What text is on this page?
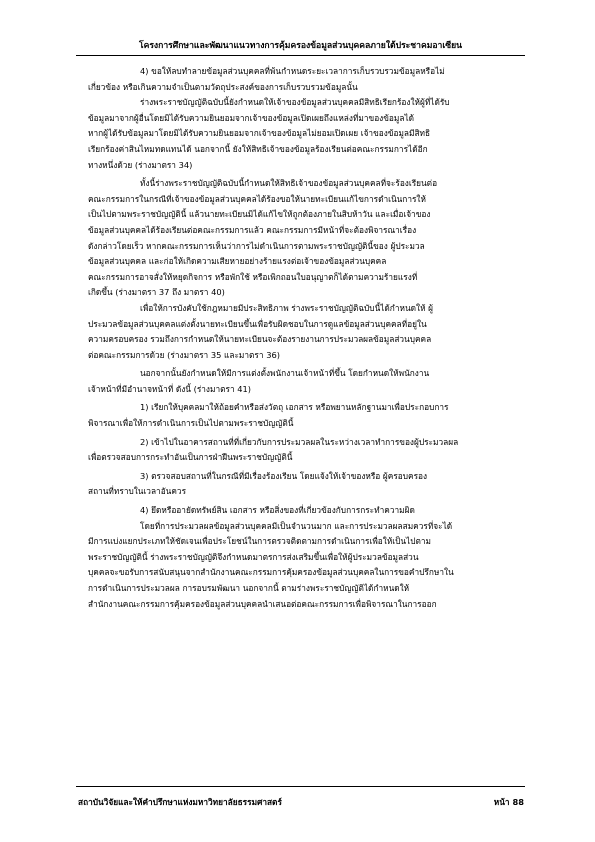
โครงการศึกษาและพัฒนาแนวทางการคุ้มครองข้อมูลส่วนบุคคลภายใต้ประชาคมอาเซียน
4) ขอให้ลบทำลายข้อมูลส่วนบุคคลที่พ้นกำหนดระยะเวลาการเก็บรวบรวมข้อมูลหรือไม่
เกี่ยวข้อง หรือเกินความจำเป็นตามวัตถุประสงค์ของการเก็บรวบรวมข้อมูลนั้น
ร่างพระราชบัญญัติฉบับนี้ยังกำหนดให้เจ้าของข้อมูลส่วนบุคคลมีสิทธิเรียกร้องให้ผู้ที่ได้รับ
ข้อมูลมาจากผู้อื่นโดยมิได้รับความยินยอมจากเจ้าของข้อมูลเปิดเผยถึงแหล่งที่มาของข้อมูลได้
หากผู้ได้รับข้อมูลมาโดยมิได้รับความยินยอมจากเจ้าของข้อมูลไม่ยอมเปิดเผย เจ้าของข้อมูลมีสิทธิ
เรียกร้องค่าสินไหมทดแทนได้ นอกจากนี้ ยังให้สิทธิเจ้าของข้อมูลร้องเรียนต่อคณะกรรมการได้อีก
ทางหนึ่งด้วย (ร่างมาตรา 34)
ทั้งนี้ร่างพระราชบัญญัติฉบับนี้กำหนดให้สิทธิเจ้าของข้อมูลส่วนบุคคลที่จะร้องเรียนต่อ
คณะกรรมการในกรณีที่เจ้าของข้อมูลส่วนบุคคลได้ร้องขอให้นายทะเบียนแก้ไขการดำเนินการให้
เป็นไปตามพระราชบัญญัตินี้ แล้วนายทะเบียนมิได้แก้ไขให้ถูกต้องภายในสิบห้าวัน และเมื่อเจ้าของ
ข้อมูลส่วนบุคคลได้ร้องเรียนต่อคณะกรรมการแล้ว คณะกรรมการมีหน้าที่จะต้องพิจารณาเรื่อง
ดังกล่าวโดยเร็ว หากคณะกรรมการเห็นว่าการไม่ดำเนินการตามพระราชบัญญัตินี้ของ ผู้ประมวล
ข้อมูลส่วนบุคคล และก่อให้เกิดความเสียหายอย่างร้ายแรงต่อเจ้าของข้อมูลส่วนบุคคล
คณะกรรมการอาจสั่งให้หยุดกิจการ หรือพักใช้ หรือเพิกถอนใบอนุญาตก็ได้ตามความร้ายแรงที่
เกิดขึ้น (ร่างมาตรา 37 ถึง มาตรา 40)
เพื่อให้การบังคับใช้กฎหมายมีประสิทธิภาพ ร่างพระราชบัญญัติฉบับนี้ได้กำหนดให้ ผู้
ประมวลข้อมูลส่วนบุคคลแต่งตั้งนายทะเบียนขึ้นเพื่อรับผิดชอบในการดูแลข้อมูลส่วนบุคคลที่อยู่ใน
ความครอบครอง รวมถึงการกำหนดให้นายทะเบียนจะต้องรายงานการประมวลผลข้อมูลส่วนบุคคล
ต่อคณะกรรมการด้วย (ร่างมาตรา 35 และมาตรา 36)
นอกจากนั้นยังกำหนดให้มีการแต่งตั้งพนักงานเจ้าหน้าที่ขึ้น โดยกำหนดให้พนักงาน
เจ้าหน้าที่มีอำนาจหน้าที่ ดังนี้ (ร่างมาตรา 41)
1) เรียกให้บุคคลมาให้ถ้อยคำหรือส่งวัตถุ เอกสาร หรือพยานหลักฐานมาเพื่อประกอบการ
พิจารณาเพื่อให้การดำเนินการเป็นไปตามพระราชบัญญัตินี้
2) เข้าไปในอาคารสถานที่ที่เกี่ยวกับการประมวลผลในระหว่างเวลาทำการของผู้ประมวลผล
เพื่อตรวจสอบการกระทำอันเป็นการฝ่าฝืนพระราชบัญญัตินี้
3) ตรวจสอบสถานที่ในกรณีที่มีเรื่องร้องเรียน โดยแจ้งให้เจ้าของหรือ ผู้ครอบครอง
สถานที่ทราบในเวลาอันควร
4) ยึดหรืออายัดทรัพย์สิน เอกสาร หรือสิ่งของที่เกี่ยวข้องกับการกระทำความผิด
โดยที่การประมวลผลข้อมูลส่วนบุคคลมีเป็นจำนวนมาก และการประมวลผลสมควรที่จะได้
มีการแบ่งแยกประเภทให้ชัดเจนเพื่อประโยชน์ในการตรวจติดตามการดำเนินการเพื่อให้เป็นไปตาม
พระราชบัญญัตินี้ ร่างพระราชบัญญัติจึงกำหนดมาตรการส่งเสริมขึ้นเพื่อให้ผู้ประมวลข้อมูลส่วน
บุคคลจะขอรับการสนับสนุนจากสำนักงานคณะกรรมการคุ้มครองข้อมูลส่วนบุคคลในการขอคำปรึกษาใน
การดำเนินการประมวลผล การอบรมพัฒนา นอกจากนี้ ตามร่างพระราชบัญญัติได้กำหนดให้
สำนักงานคณะกรรมการคุ้มครองข้อมูลส่วนบุคคลนำเสนอต่อคณะกรรมการเพื่อพิจารณาในการออก
สถาบันวิจัยและให้คำปรึกษาแห่งมหาวิทยาลัยธรรมศาสตร์	หน้า 88
